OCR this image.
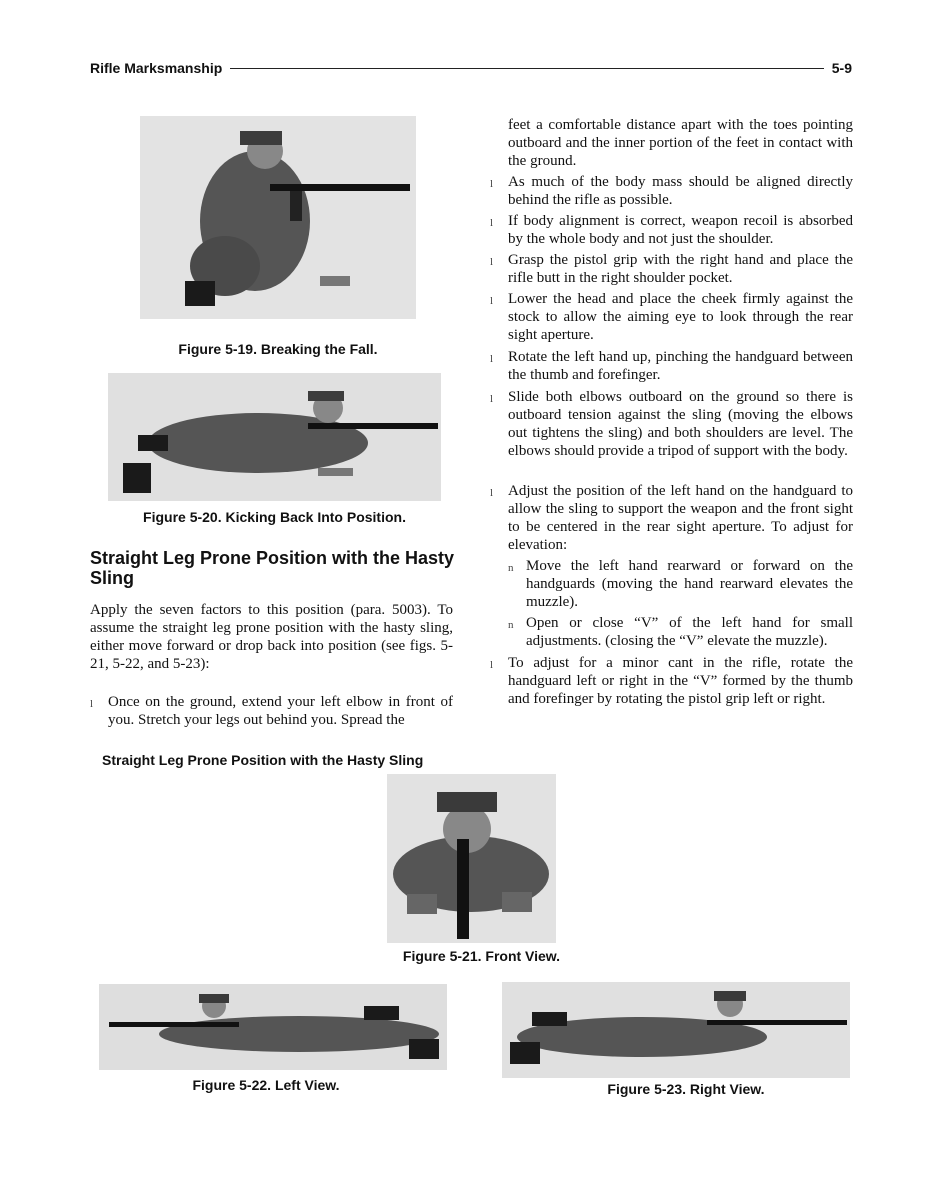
Rifle Marksmanship	5-9
Figure 5-19. Breaking the Fall.
Figure 5-20. Kicking Back Into Position.
Straight Leg Prone Position with the Hasty Sling
Apply the seven factors to this position (para. 5003). To assume the straight leg prone position with the hasty sling, either move forward or drop back into position (see figs. 5-21, 5-22, and 5-23):
l Once on the ground, extend your left elbow in front of you. Stretch your legs out behind you. Spread the
feet a comfortable distance apart with the toes pointing outboard and the inner portion of the feet in contact with the ground.
l As much of the body mass should be aligned directly behind the rifle as possible.
l If body alignment is correct, weapon recoil is absorbed by the whole body and not just the shoulder.
l Grasp the pistol grip with the right hand and place the rifle butt in the right shoulder pocket.
l Lower the head and place the cheek firmly against the stock to allow the aiming eye to look through the rear sight aperture.
l Rotate the left hand up, pinching the handguard between the thumb and forefinger.
l Slide both elbows outboard on the ground so there is outboard tension against the sling (moving the elbows out tightens the sling) and both shoulders are level. The elbows should provide a tripod of support with the body.
l Adjust the position of the left hand on the handguard to allow the sling to support the weapon and the front sight to be centered in the rear sight aperture. To adjust for elevation:
n Move the left hand rearward or forward on the handguards (moving the hand rearward elevates the muzzle).
n Open or close “V” of the left hand for small adjustments. (closing the “V” elevate the muzzle).
l To adjust for a minor cant in the rifle, rotate the handguard left or right in the “V” formed by the thumb and forefinger by rotating the pistol grip left or right.
Straight Leg Prone Position with the Hasty Sling
Figure 5-21. Front View.
Figure 5-22. Left View.	Figure 5-23. Right View.
